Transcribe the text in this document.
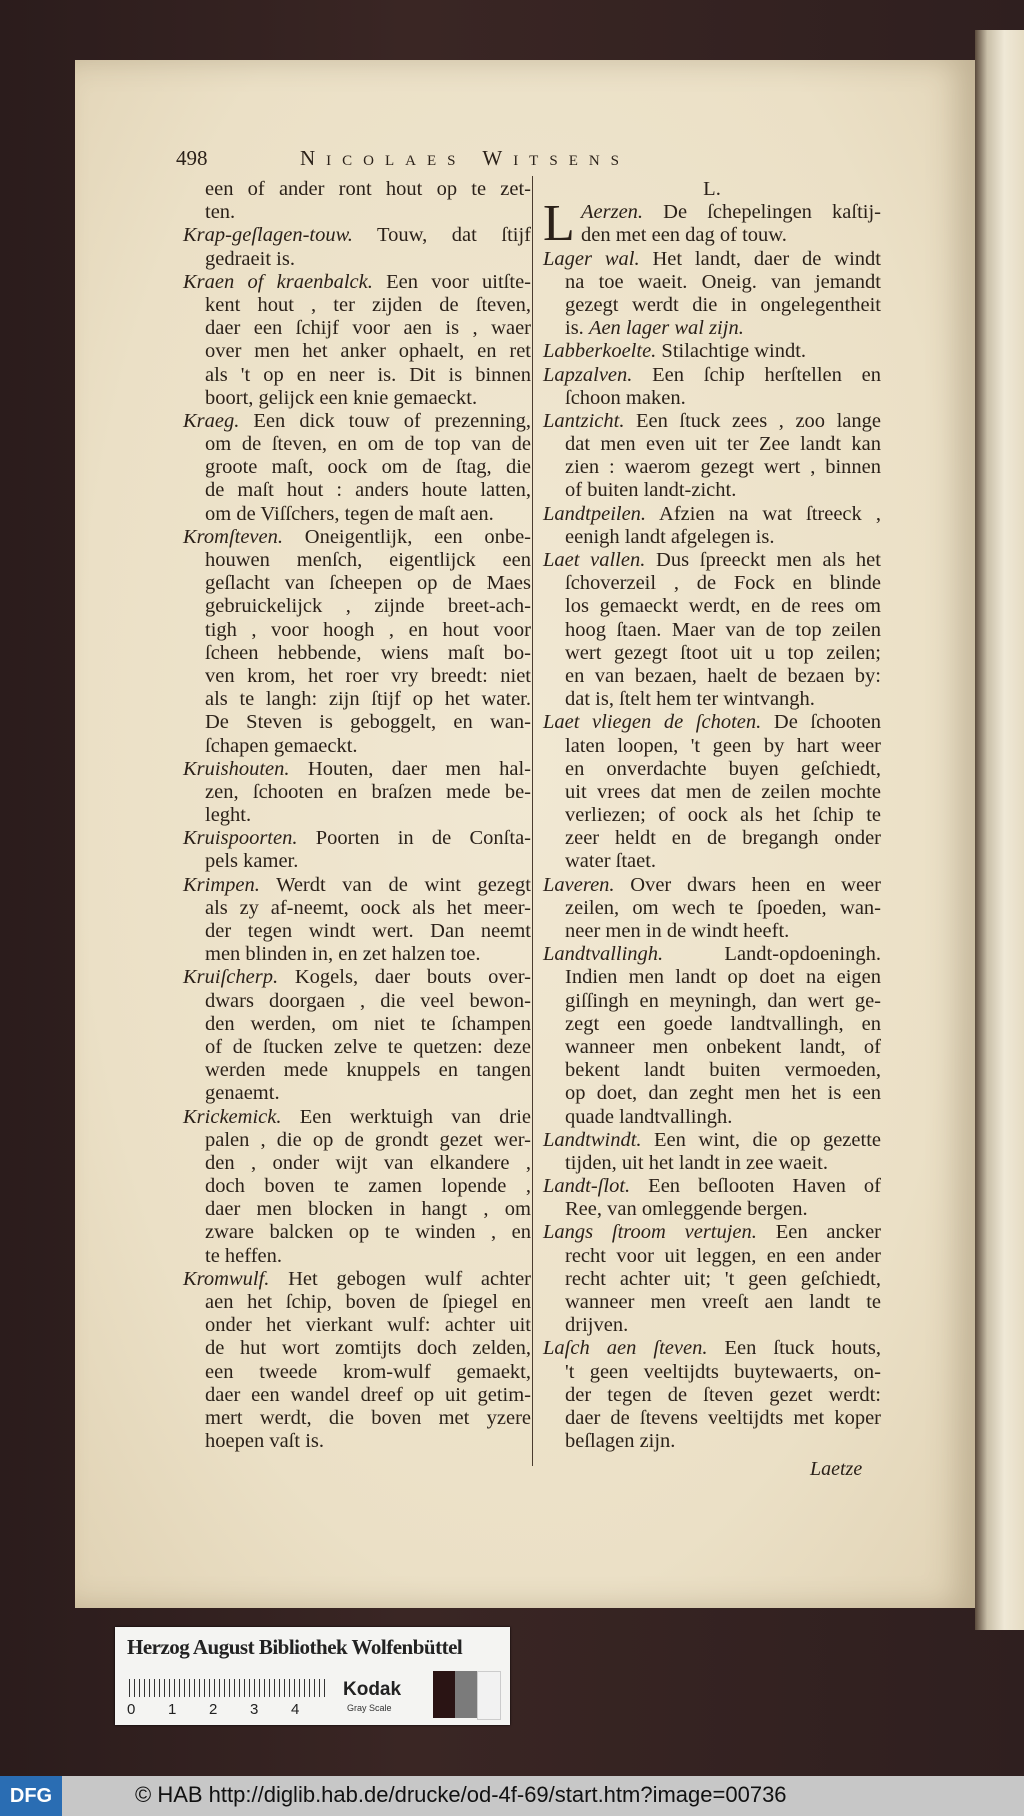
498	Nicolaes Witsens
een of ander ront hout op te zet-
ten.
Krap-geſlagen-touw. Touw, dat ſtijf
gedraeit is.
Kraen of kraenbalck. Een voor uitſte-
kent hout , ter zijden de ſteven,
daer een ſchijf voor aen is , waer
over men het anker ophaelt, en ret
als 't op en neer is. Dit is binnen
boort, gelijck een knie gemaeckt.
Kraeg. Een dick touw of prezenning,
om de ſteven, en om de top van de
groote maſt, oock om de ſtag, die
de maſt hout : anders houte latten,
om de Viſſchers, tegen de maſt aen.
Kromſteven. Oneigentlijk, een onbe-
houwen menſch, eigentlijck een
geſlacht van ſcheepen op de Maes
gebruickelijck , zijnde breet-ach-
tigh , voor hoogh , en hout voor
ſcheen hebbende, wiens maſt bo-
ven krom, het roer vry breedt: niet
als te langh: zijn ſtijf op het water.
De Steven is geboggelt, en wan-
ſchapen gemaeckt.
Kruishouten. Houten, daer men hal-
zen, ſchooten en braſzen mede be-
leght.
Kruispoorten. Poorten in de Conſta-
pels kamer.
Krimpen. Werdt van de wint gezegt
als zy af-neemt, oock als het meer-
der tegen windt wert. Dan neemt
men blinden in, en zet halzen toe.
Kruiſcherp. Kogels, daer bouts over-
dwars doorgaen , die veel bewon-
den werden, om niet te ſchampen
of de ſtucken zelve te quetzen: deze
werden mede knuppels en tangen
genaemt.
Krickemick. Een werktuigh van drie
palen , die op de grondt gezet wer-
den , onder wijt van elkandere ,
doch boven te zamen lopende ,
daer men blocken in hangt , om
zware balcken op te winden , en
te heffen.
Kromwulf. Het gebogen wulf achter
aen het ſchip, boven de ſpiegel en
onder het vierkant wulf: achter uit
de hut wort zomtijts doch zelden,
een tweede krom-wulf gemaekt,
daer een wandel dreef op uit getim-
mert werdt, die boven met yzere
hoepen vaſt is.
L
L.
Aerzen. De ſchepelingen kaſtij-
den met een dag of touw.
Lager wal. Het landt, daer de windt
na toe waeit. Oneig. van jemandt
gezegt werdt die in ongelegentheit
is. Aen lager wal zijn.
Labberkoelte. Stilachtige windt.
Lapzalven. Een ſchip herſtellen en
ſchoon maken.
Lantzicht. Een ſtuck zees , zoo lange
dat men even uit ter Zee landt kan
zien : waerom gezegt wert , binnen
of buiten landt-zicht.
Landtpeilen. Afzien na wat ſtreeck ,
eenigh landt afgelegen is.
Laet vallen. Dus ſpreeckt men als het
ſchoverzeil , de Fock en blinde
los gemaeckt werdt, en de rees om
hoog ſtaen. Maer van de top zeilen
wert gezegt ſtoot uit u top zeilen;
en van bezaen, haelt de bezaen by:
dat is, ſtelt hem ter wintvangh.
Laet vliegen de ſchoten. De ſchooten
laten loopen, 't geen by hart weer
en onverdachte buyen geſchiedt,
uit vrees dat men de zeilen mochte
verliezen; of oock als het ſchip te
zeer heldt en de bregangh onder
water ſtaet.
Laveren. Over dwars heen en weer
zeilen, om wech te ſpoeden, wan-
neer men in de windt heeft.
Landtvallingh. Landt-opdoeningh.
Indien men landt op doet na eigen
giſſingh en meyningh, dan wert ge-
zegt een goede landtvallingh, en
wanneer men onbekent landt, of
bekent landt buiten vermoeden,
op doet, dan zeght men het is een
quade landtvallingh.
Landtwindt. Een wint, die op gezette
tijden, uit het landt in zee waeit.
Landt-ſlot. Een beſlooten Haven of
Ree, van omleggende bergen.
Langs ſtroom vertujen. Een ancker
recht voor uit leggen, en een ander
recht achter uit; 't geen geſchiedt,
wanneer men vreeſt aen landt te
drijven.
Laſch aen ſteven. Een ſtuck houts,
't geen veeltijdts buytewaerts, on-
der tegen de ſteven gezet werdt:
daer de ſtevens veeltijdts met koper
beſlagen zijn.
Laetze
Herzog August Bibliothek Wolfenbüttel
0 1 2 3 4
Kodak
Gray Scale
DFG	© HAB http://diglib.hab.de/drucke/od-4f-69/start.htm?image=00736
